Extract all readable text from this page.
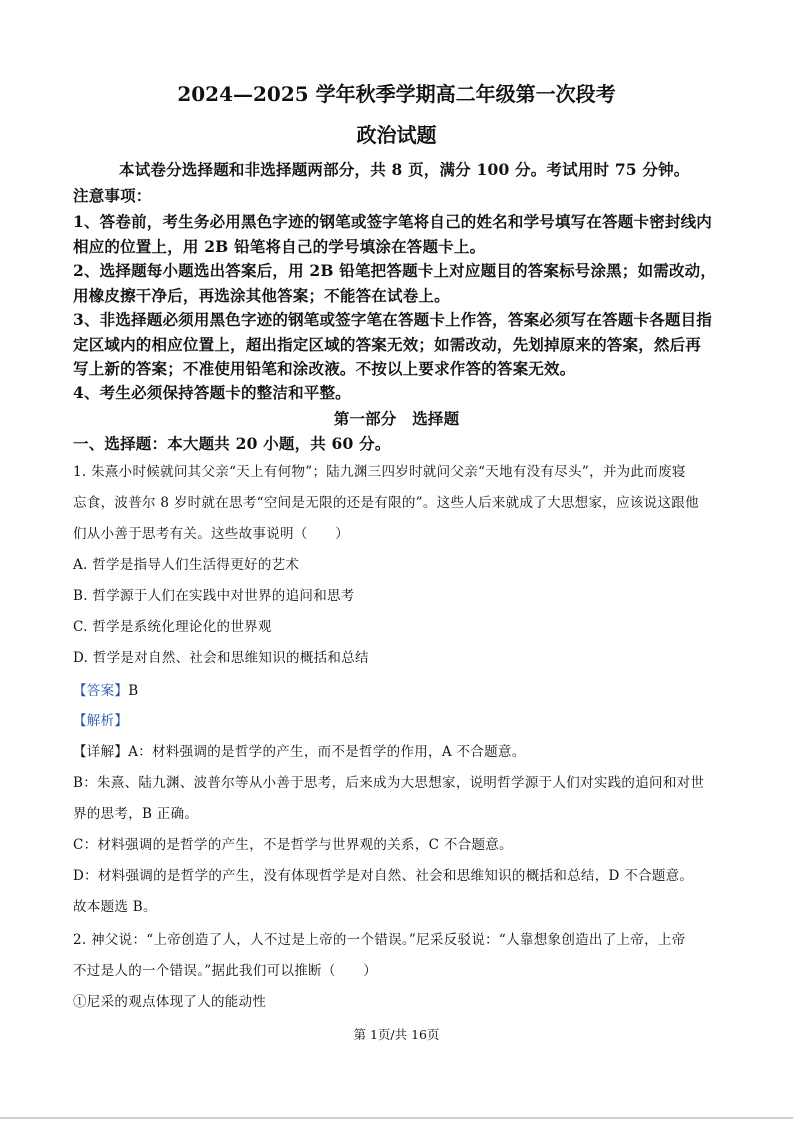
2024—2025 学年秋季学期高二年级第一次段考
政治试题
本试卷分选择题和非选择题两部分，共 8 页，满分 100 分。考试用时 75 分钟。
注意事项：
1、答卷前，考生务必用黑色字迹的钢笔或签字笔将自己的姓名和学号填写在答题卡密封线内
相应的位置上，用 2B 铅笔将自己的学号填涂在答题卡上。
2、选择题每小题选出答案后，用 2B 铅笔把答题卡上对应题目的答案标号涂黑；如需改动，
用橡皮擦干净后，再选涂其他答案；不能答在试卷上。
3、非选择题必须用黑色字迹的钢笔或签字笔在答题卡上作答，答案必须写在答题卡各题目指
定区域内的相应位置上，超出指定区域的答案无效；如需改动，先划掉原来的答案，然后再
写上新的答案；不准使用铅笔和涂改液。不按以上要求作答的答案无效。
4、考生必须保持答题卡的整洁和平整。
第一部分　选择题
一、选择题：本大题共 20 小题，共 60 分。
1. 朱熹小时候就问其父亲“天上有何物”；陆九渊三四岁时就问父亲“天地有没有尽头”，并为此而废寝
忘食，波普尔 8 岁时就在思考“空间是无限的还是有限的”。这些人后来就成了大思想家，应该说这跟他
们从小善于思考有关。这些故事说明（　　）
A. 哲学是指导人们生活得更好的艺术
B. 哲学源于人们在实践中对世界的追问和思考
C. 哲学是系统化理论化的世界观
D. 哲学是对自然、社会和思维知识的概括和总结
【答案】B
【解析】
【详解】A：材料强调的是哲学的产生，而不是哲学的作用，A 不合题意。
B：朱熹、陆九渊、波普尔等从小善于思考，后来成为大思想家，说明哲学源于人们对实践的追问和对世
界的思考，B 正确。
C：材料强调的是哲学的产生，不是哲学与世界观的关系，C 不合题意。
D：材料强调的是哲学的产生，没有体现哲学是对自然、社会和思维知识的概括和总结，D 不合题意。
故本题选 B。
2. 神父说：“上帝创造了人，人不过是上帝的一个错误。”尼采反驳说：“人靠想象创造出了上帝，上帝
不过是人的一个错误。”据此我们可以推断（　　）
①尼采的观点体现了人的能动性
第 1页/共 16页
